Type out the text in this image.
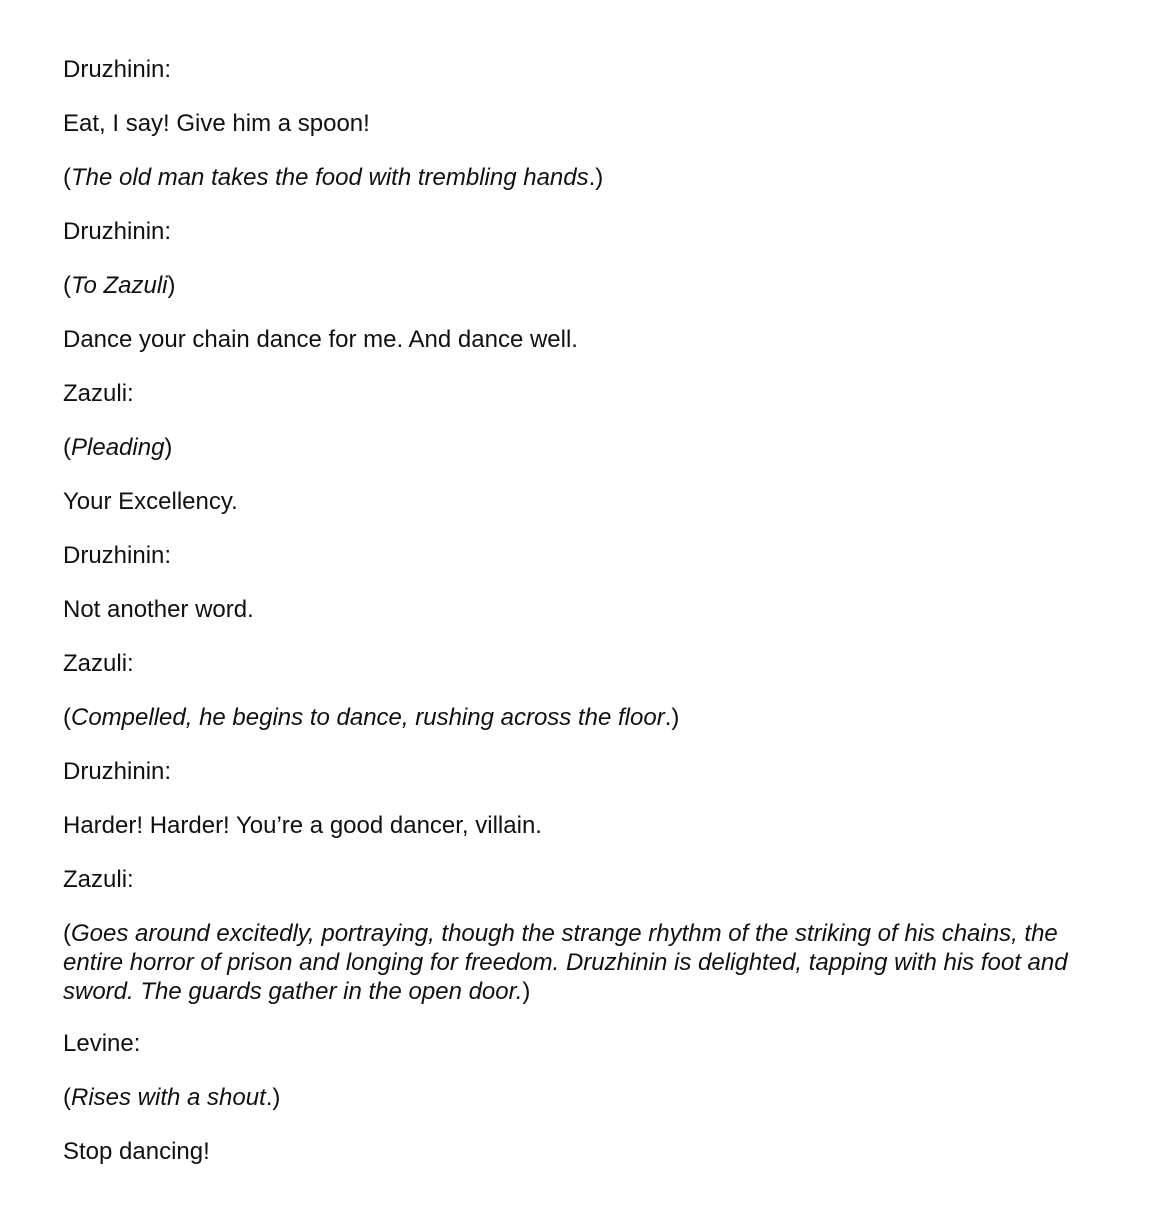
Druzhinin:

Eat, I say! Give him a spoon!

(The old man takes the food with trembling hands.)

Druzhinin:

(To Zazuli)

Dance your chain dance for me. And dance well.

Zazuli:

(Pleading)

Your Excellency.

Druzhinin:

Not another word.

Zazuli:

(Compelled, he begins to dance, rushing across the floor.)

Druzhinin:

Harder! Harder! You’re a good dancer, villain.

Zazuli:

(Goes around excitedly, portraying, though the strange rhythm of the striking of his chains, the entire horror of prison and longing for freedom. Druzhinin is delighted, tapping with his foot and sword. The guards gather in the open door.)

Levine:

(Rises with a shout.)

Stop dancing!
